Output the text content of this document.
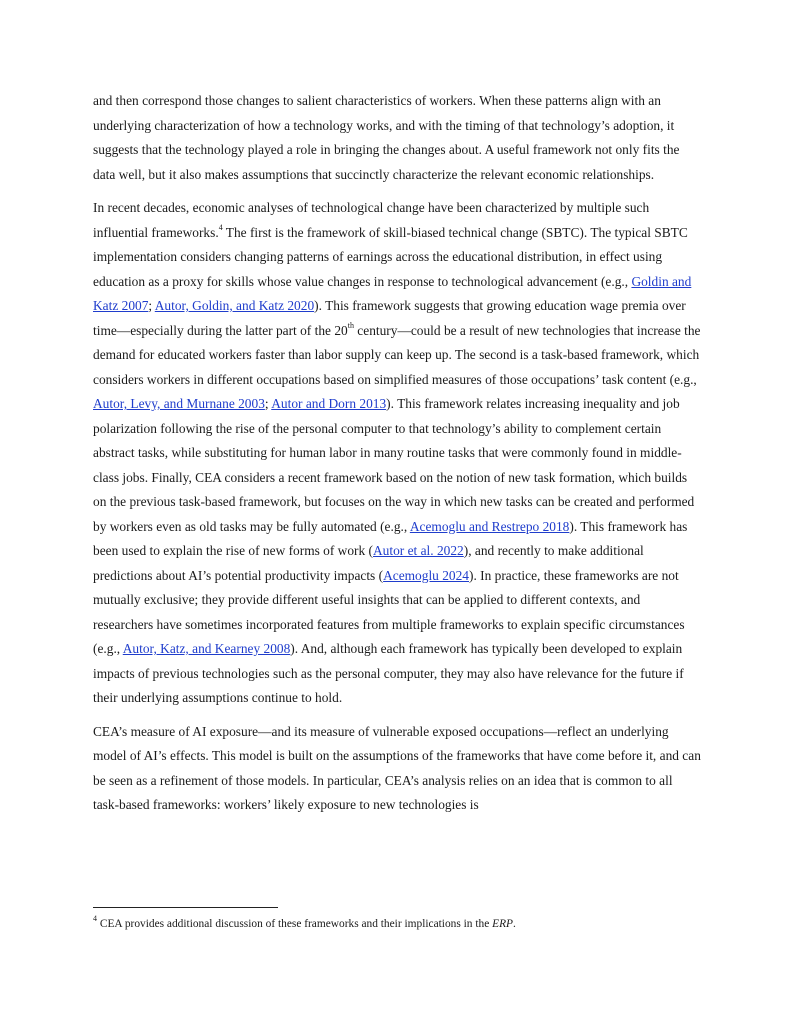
and then correspond those changes to salient characteristics of workers. When these patterns align with an underlying characterization of how a technology works, and with the timing of that technology’s adoption, it suggests that the technology played a role in bringing the changes about. A useful framework not only fits the data well, but it also makes assumptions that succinctly characterize the relevant economic relationships.

In recent decades, economic analyses of technological change have been characterized by multiple such influential frameworks.$^4$ The first is the framework of skill-biased technical change (SBTC). The typical SBTC implementation considers changing patterns of earnings across the educational distribution, in effect using education as a proxy for skills whose value changes in response to technological advancement (e.g., Goldin and Katz 2007; Autor, Goldin, and Katz 2020). This framework suggests that growing education wage premia over time—especially during the latter part of the 20th century—could be a result of new technologies that increase the demand for educated workers faster than labor supply can keep up. The second is a task-based framework, which considers workers in different occupations based on simplified measures of those occupations’ task content (e.g., Autor, Levy, and Murnane 2003; Autor and Dorn 2013). This framework relates increasing inequality and job polarization following the rise of the personal computer to that technology’s ability to complement certain abstract tasks, while substituting for human labor in many routine tasks that were commonly found in middle-class jobs. Finally, CEA considers a recent framework based on the notion of new task formation, which builds on the previous task-based framework, but focuses on the way in which new tasks can be created and performed by workers even as old tasks may be fully automated (e.g., Acemoglu and Restrepo 2018). This framework has been used to explain the rise of new forms of work (Autor et al. 2022), and recently to make additional predictions about AI’s potential productivity impacts (Acemoglu 2024). In practice, these frameworks are not mutually exclusive; they provide different useful insights that can be applied to different contexts, and researchers have sometimes incorporated features from multiple frameworks to explain specific circumstances (e.g., Autor, Katz, and Kearney 2008). And, although each framework has typically been developed to explain impacts of previous technologies such as the personal computer, they may also have relevance for the future if their underlying assumptions continue to hold.

CEA’s measure of AI exposure—and its measure of vulnerable exposed occupations—reflect an underlying model of AI’s effects. This model is built on the assumptions of the frameworks that have come before it, and can be seen as a refinement of those models. In particular, CEA’s analysis relies on an idea that is common to all task-based frameworks: workers’ likely exposure to new technologies is

$^4$ CEA provides additional discussion of these frameworks and their implications in the ERP.
